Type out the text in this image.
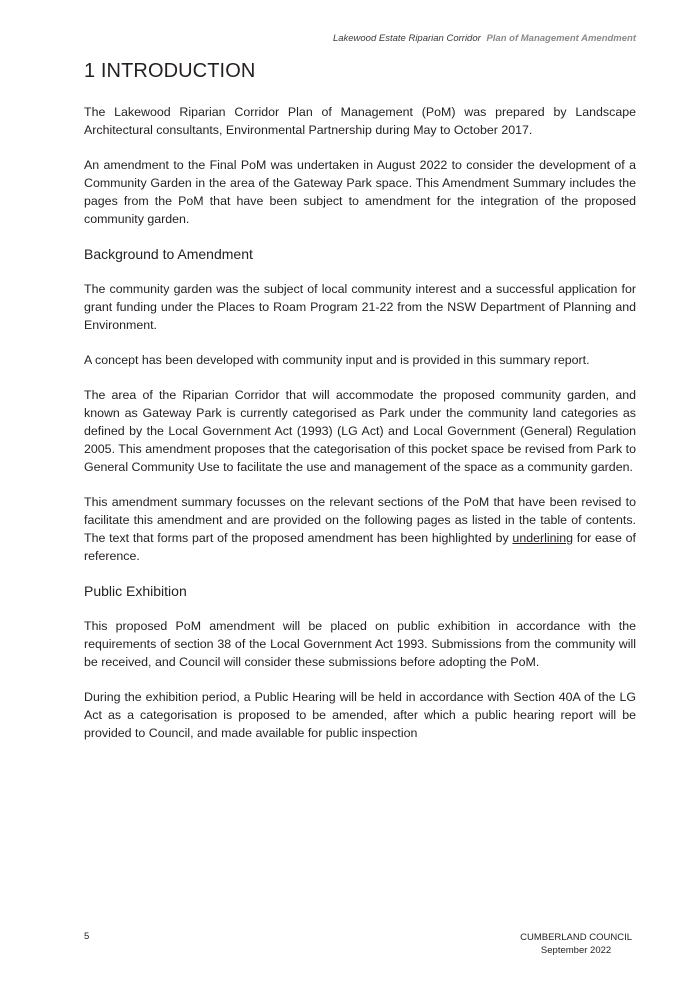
Lakewood Estate Riparian Corridor Plan of Management Amendment
1 INTRODUCTION

The Lakewood Riparian Corridor Plan of Management (PoM) was prepared by Landscape Architectural consultants, Environmental Partnership during May to October 2017.

An amendment to the Final PoM was undertaken in August 2022 to consider the development of a Community Garden in the area of the Gateway Park space. This Amendment Summary includes the pages from the PoM that have been subject to amendment for the integration of the proposed community garden.

Background to Amendment

The community garden was the subject of local community interest and a successful application for grant funding under the Places to Roam Program 21-22 from the NSW Department of Planning and Environment.

A concept has been developed with community input and is provided in this summary report.

The area of the Riparian Corridor that will accommodate the proposed community garden, and known as Gateway Park is currently categorised as Park under the community land categories as defined by the Local Government Act (1993) (LG Act) and Local Government (General) Regulation 2005. This amendment proposes that the categorisation of this pocket space be revised from Park to General Community Use to facilitate the use and management of the space as a community garden.

This amendment summary focusses on the relevant sections of the PoM that have been revised to facilitate this amendment and are provided on the following pages as listed in the table of contents. The text that forms part of the proposed amendment has been highlighted by underlining for ease of reference.

Public Exhibition

This proposed PoM amendment will be placed on public exhibition in accordance with the requirements of section 38 of the Local Government Act 1993. Submissions from the community will be received, and Council will consider these submissions before adopting the PoM.

During the exhibition period, a Public Hearing will be held in accordance with Section 40A of the LG Act as a categorisation is proposed to be amended, after which a public hearing report will be provided to Council, and made available for public inspection

5	CUMBERLAND COUNCIL
September 2022
